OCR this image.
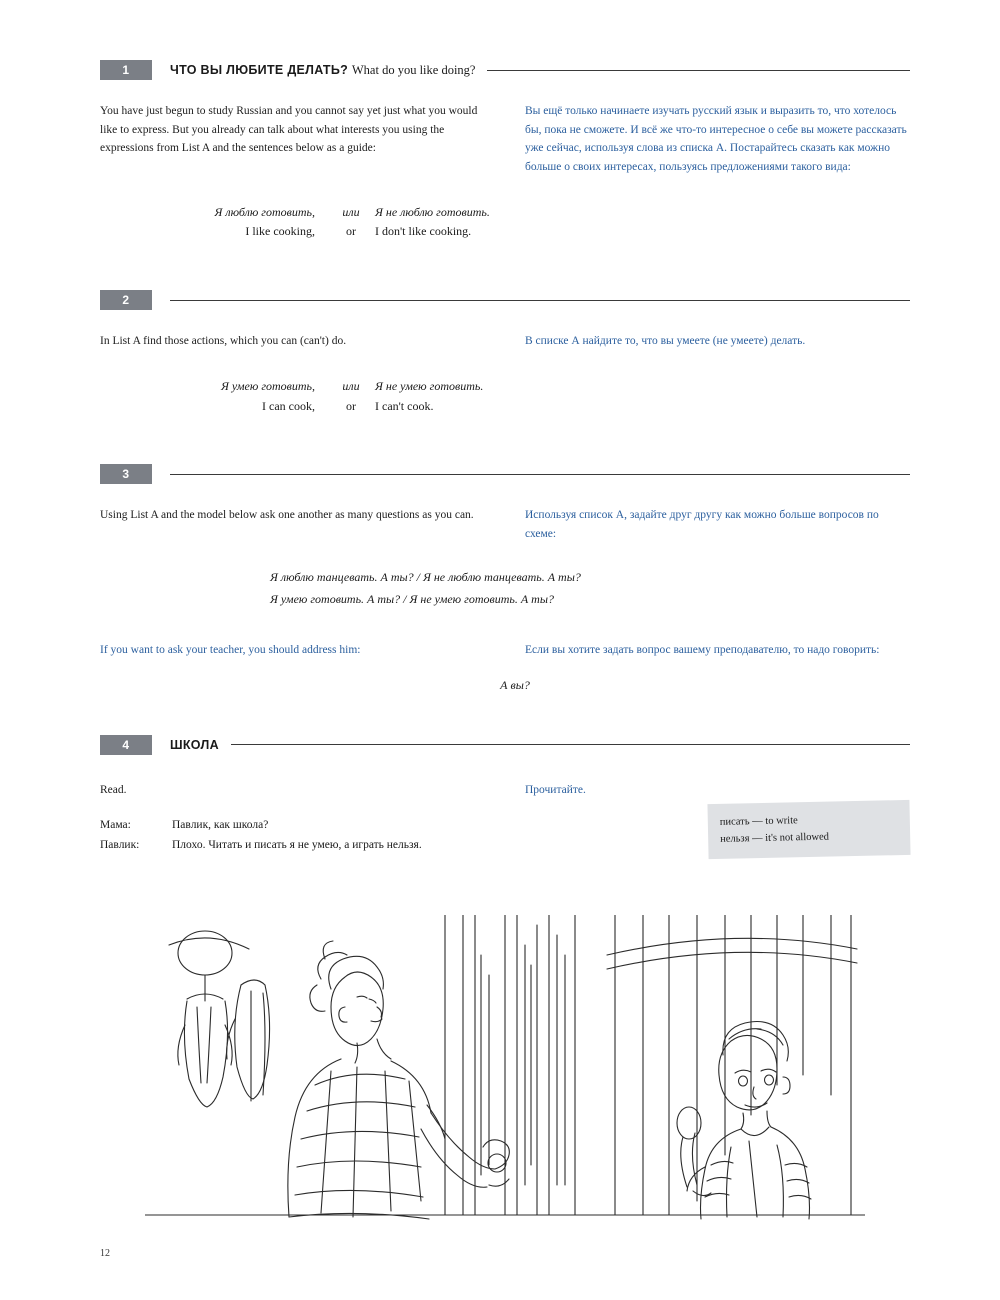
1	ЧТО ВЫ ЛЮБИТЕ ДЕЛАТЬ? What do you like doing?
You have just begun to study Russian and you cannot say yet just what you would like to express. But you already can talk about what interests you using the expressions from List A and the sentences below as a guide:
Вы ещё только начинаете изучать русский язык и выразить то, что хотелось бы, пока не сможете. И всё же что-то интересное о себе вы можете рассказать уже сейчас, используя слова из списка А. Постарайтесь сказать как можно больше о своих интересах, пользуясь предложениями такого вида:
Я люблю готовить,	или	Я не люблю готовить.
I like cooking,	or	I don't like cooking.
2
In List A find those actions, which you can (can't) do.	В списке А найдите то, что вы умеете (не умеете) делать.
Я умею готовить,	или	Я не умею готовить.
I can cook,	or	I can't cook.
3
Using List A and the model below ask one another as many questions as you can.	Используя список А, задайте друг другу как можно больше вопросов по схеме:
Я люблю танцевать. А ты? / Я не люблю танцевать. А ты?
Я умею готовить. А ты? / Я не умею готовить. А ты?
If you want to ask your teacher, you should address him:	Если вы хотите задать вопрос вашему преподавателю, то надо говорить:
А вы?
4	ШКОЛА
Read.	Прочитайте.
Мама:	Павлик, как школа?
Павлик:	Плохо. Читать и писать я не умею, а играть нельзя.
писать — to write
нельзя — it's not allowed
12
